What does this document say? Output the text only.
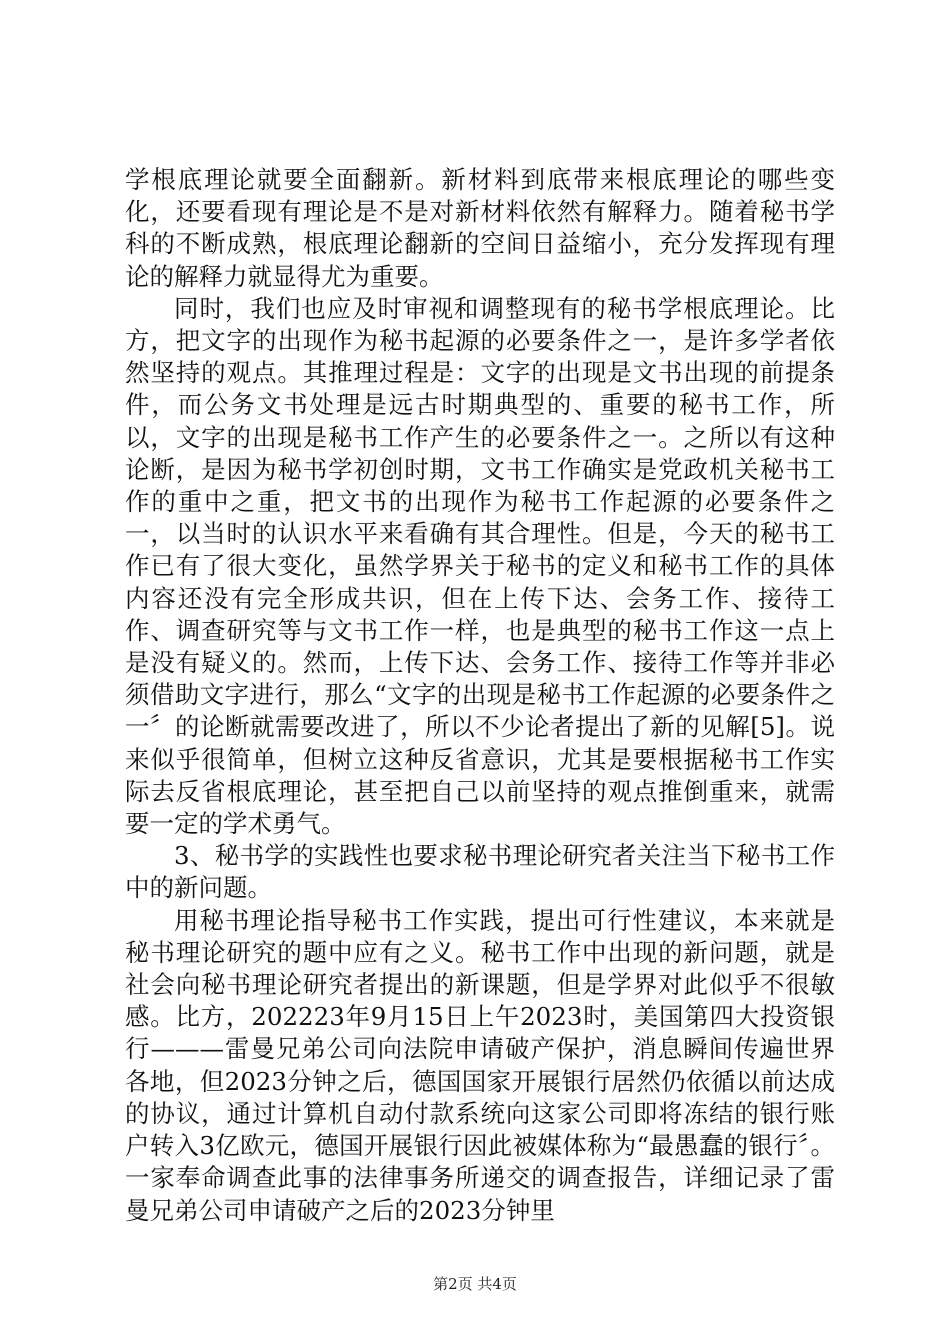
学根底理论就要全面翻新。新材料到底带来根底理论的哪些变化，还要看现有理论是不是对新材料依然有解释力。随着秘书学科的不断成熟，根底理论翻新的空间日益缩小，充分发挥现有理论的解释力就显得尤为重要。

同时，我们也应及时审视和调整现有的秘书学根底理论。比方，把文字的出现作为秘书起源的必要条件之一，是许多学者依然坚持的观点。其推理过程是：文字的出现是文书出现的前提条件，而公务文书处理是远古时期典型的、重要的秘书工作，所以，文字的出现是秘书工作产生的必要条件之一。之所以有这种论断，是因为秘书学初创时期，文书工作确实是党政机关秘书工作的重中之重，把文书的出现作为秘书工作起源的必要条件之一，以当时的认识水平来看确有其合理性。但是，今天的秘书工作已有了很大变化，虽然学界关于秘书的定义和秘书工作的具体内容还没有完全形成共识，但在上传下达、会务工作、接待工作、调查研究等与文书工作一样，也是典型的秘书工作这一点上是没有疑义的。然而，上传下达、会务工作、接待工作等并非必须借助文字进行，那么“文字的出现是秘书工作起源的必要条件之一〞的论断就需要改进了，所以不少论者提出了新的见解[5]。说来似乎很简单，但树立这种反省意识，尤其是要根据秘书工作实际去反省根底理论，甚至把自己以前坚持的观点推倒重来，就需要一定的学术勇气。

3、秘书学的实践性也要求秘书理论研究者关注当下秘书工作中的新问题。

用秘书理论指导秘书工作实践，提出可行性建议，本来就是秘书理论研究的题中应有之义。秘书工作中出现的新问题，就是社会向秘书理论研究者提出的新课题，但是学界对此似乎不很敏感。比方，202223年9月15日上午2023时，美国第四大投资银行———雷曼兄弟公司向法院申请破产保护，消息瞬间传遍世界各地，但2023分钟之后，德国国家开展银行居然仍依循以前达成的协议，通过计算机自动付款系统向这家公司即将冻结的银行账户转入3亿欧元，德国开展银行因此被媒体称为“最愚蠢的银行〞。一家奉命调查此事的法律事务所递交的调查报告，详细记录了雷曼兄弟公司申请破产之后的2023分钟里

第2页 共4页
